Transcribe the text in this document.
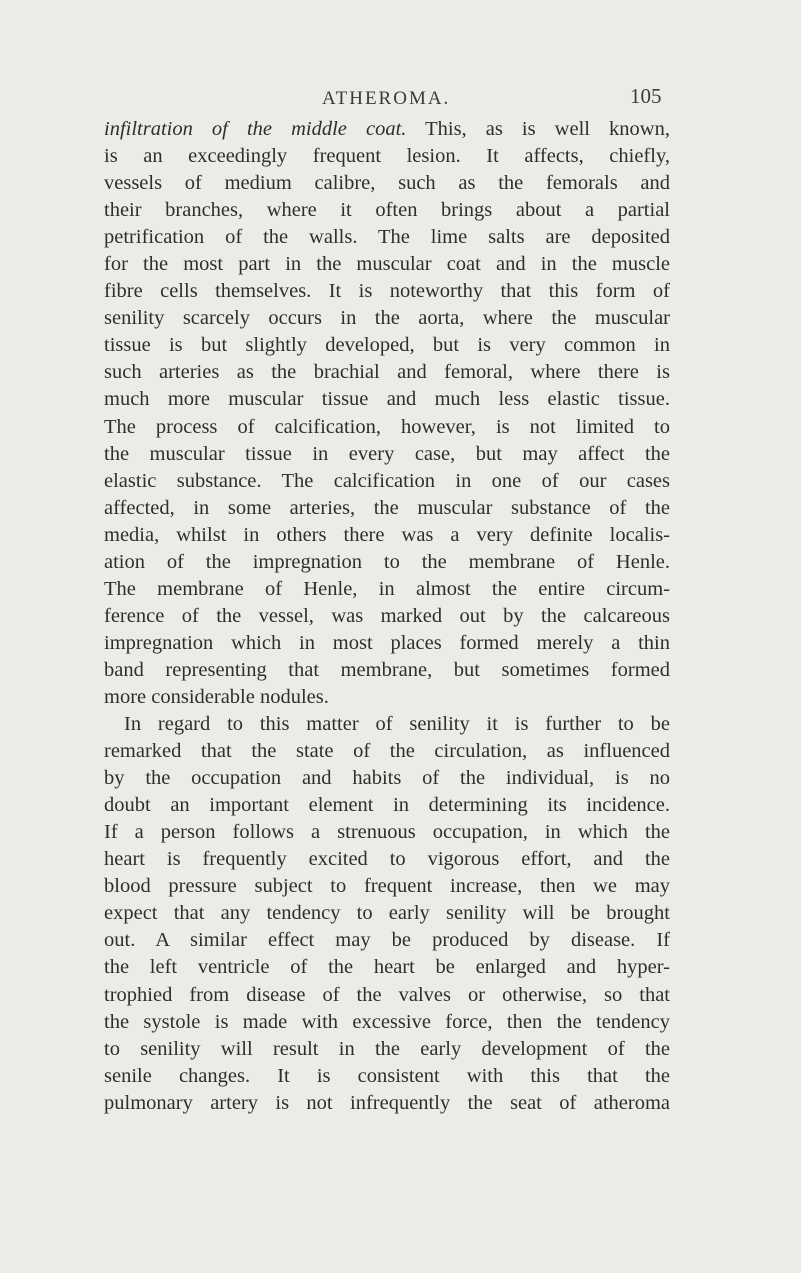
ATHEROMA.	105
infiltration of the middle coat. This, as is well known,
is an exceedingly frequent lesion. It affects, chiefly,
vessels of medium calibre, such as the femorals and
their branches, where it often brings about a partial
petrification of the walls. The lime salts are deposited
for the most part in the muscular coat and in the muscle
fibre cells themselves. It is noteworthy that this form of
senility scarcely occurs in the aorta, where the muscular
tissue is but slightly developed, but is very common in
such arteries as the brachial and femoral, where there is
much more muscular tissue and much less elastic tissue.
The process of calcification, however, is not limited to
the muscular tissue in every case, but may affect the
elastic substance. The calcification in one of our cases
affected, in some arteries, the muscular substance of the
media, whilst in others there was a very definite localis-
ation of the impregnation to the membrane of Henle.
The membrane of Henle, in almost the entire circum-
ference of the vessel, was marked out by the calcareous
impregnation which in most places formed merely a thin
band representing that membrane, but sometimes formed
more considerable nodules.
In regard to this matter of senility it is further to be
remarked that the state of the circulation, as influenced
by the occupation and habits of the individual, is no
doubt an important element in determining its incidence.
If a person follows a strenuous occupation, in which the
heart is frequently excited to vigorous effort, and the
blood pressure subject to frequent increase, then we may
expect that any tendency to early senility will be brought
out. A similar effect may be produced by disease. If
the left ventricle of the heart be enlarged and hyper-
trophied from disease of the valves or otherwise, so that
the systole is made with excessive force, then the tendency
to senility will result in the early development of the
senile changes. It is consistent with this that the
pulmonary artery is not infrequently the seat of atheroma
